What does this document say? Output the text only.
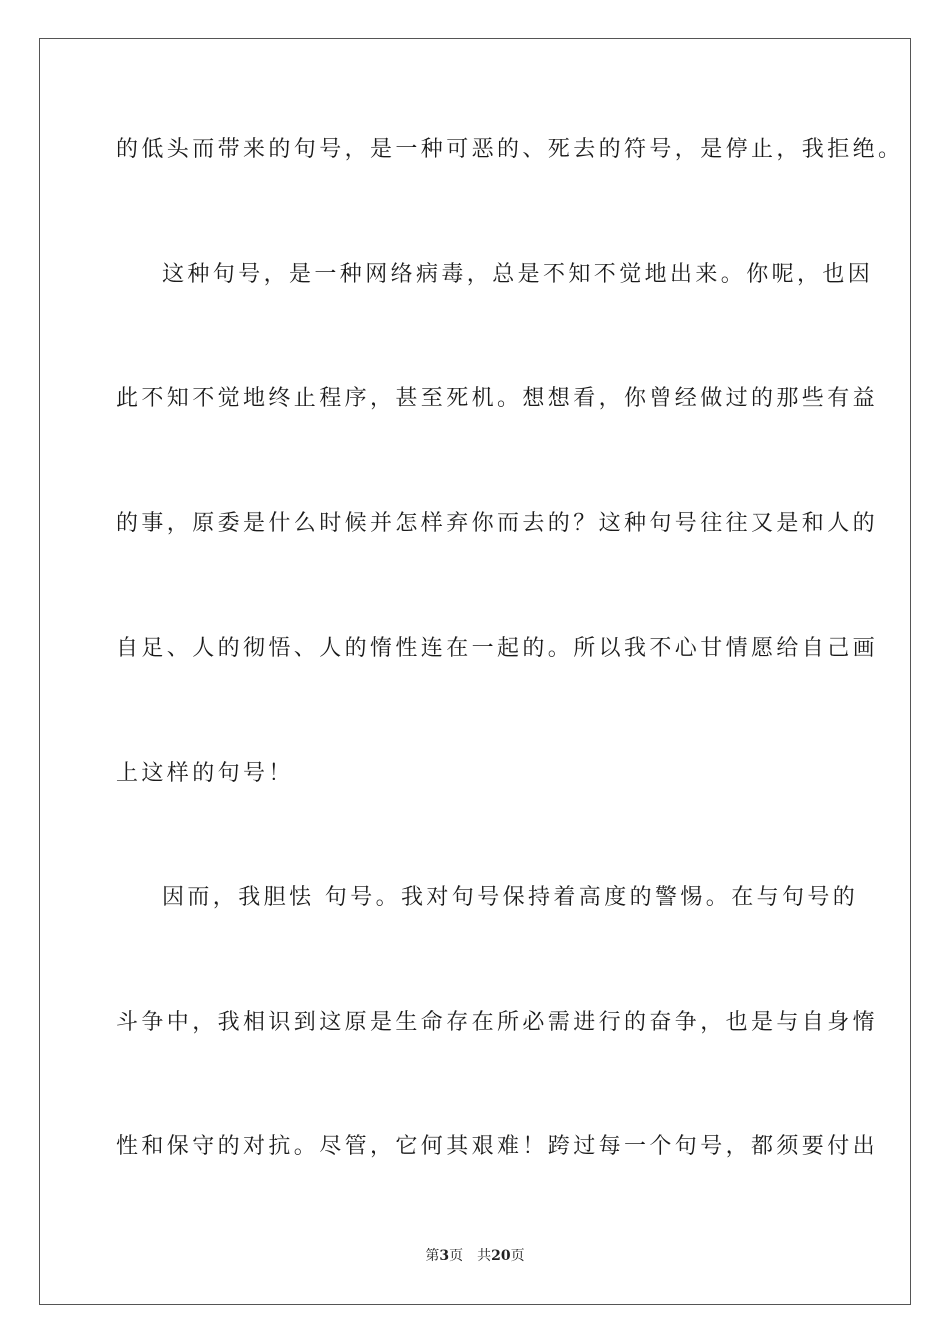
的低头而带来的句号，是一种可恶的、死去的符号，是停止，我拒绝。
这种句号，是一种网络病毒，总是不知不觉地出来。你呢，也因
此不知不觉地终止程序，甚至死机。想想看，你曾经做过的那些有益
的事，原委是什么时候并怎样弃你而去的？这种句号往往又是和人的
自足、人的彻悟、人的惰性连在一起的。所以我不心甘情愿给自己画
上这样的句号！
因而，我胆怯 句号。我对句号保持着高度的警惕。在与句号的
斗争中，我相识到这原是生命存在所必需进行的奋争，也是与自身惰
性和保守的对抗。尽管，它何其艰难！跨过每一个句号，都须要付出
第3页 共20页
